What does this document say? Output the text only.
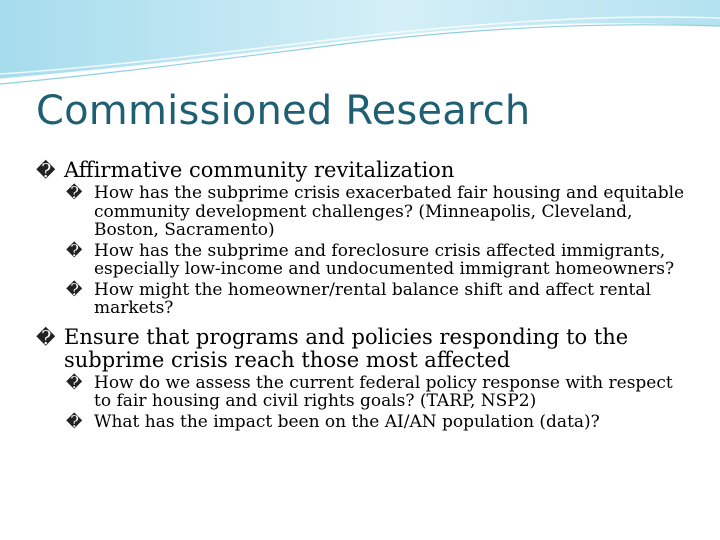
Commissioned Research
� Affirmative community revitalization
� How has the subprime crisis exacerbated fair housing and equitable community development challenges? (Minneapolis, Cleveland, Boston, Sacramento)
� How has the subprime and foreclosure crisis affected immigrants, especially low-income and undocumented immigrant homeowners?
� How might the homeowner/rental balance shift and affect rental markets?
� Ensure that programs and policies responding to the subprime crisis reach those most affected
� How do we assess the current federal policy response with respect to fair housing and civil rights goals? (TARP, NSP2)
� What has the impact been on the AI/AN population (data)?
